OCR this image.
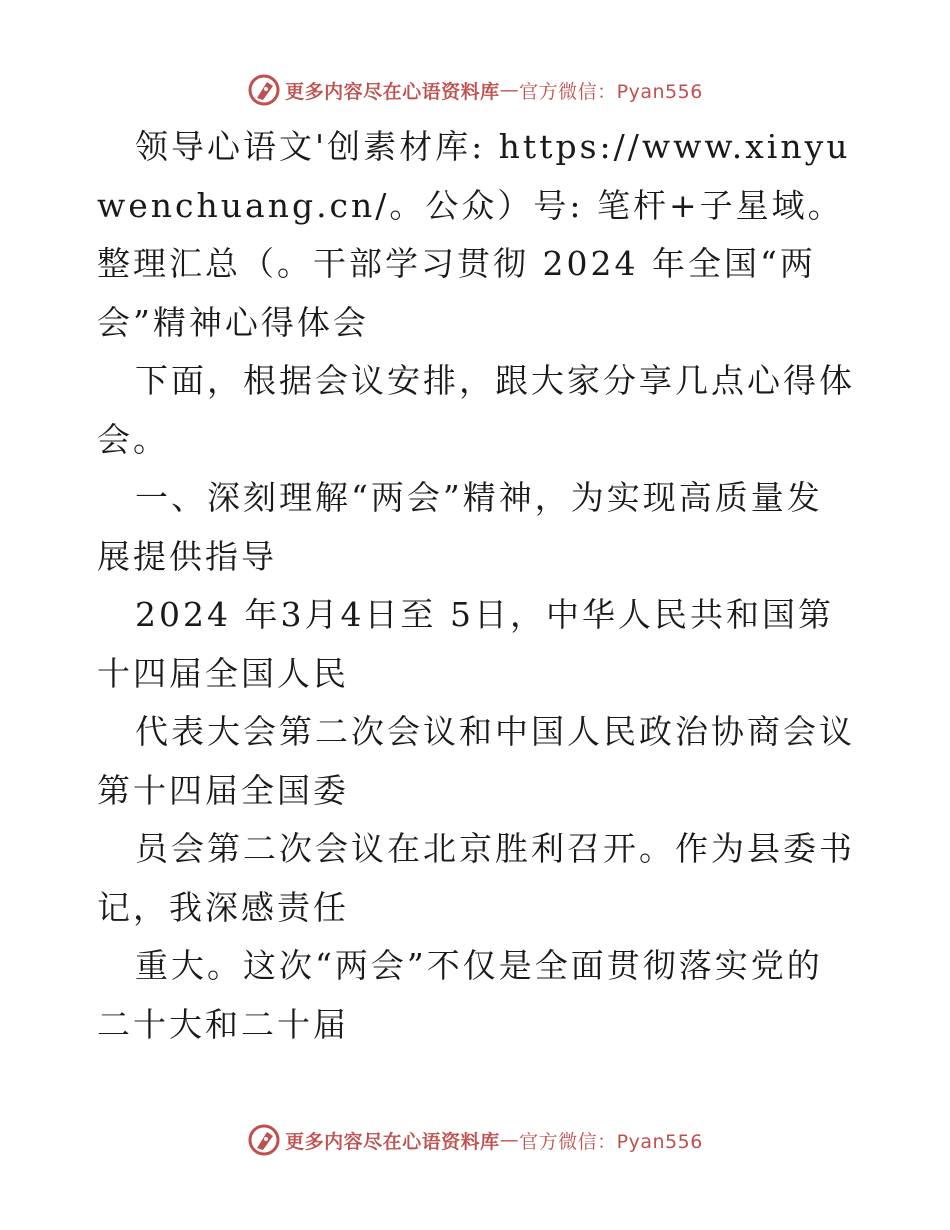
更多内容尽在心语资料库 — 官方微信：Pyan556

领导心语文'创素材库: https://www.xinyuwenchuang.cn/。公众）号: 笔杆+子星域。整理汇总（。干部学习贯彻 2024 年全国“两会”精神心得体会

下面，根据会议安排，跟大家分享几点心得体会。

一、深刻理解“两会”精神，为实现高质量发展提供指导

2024 年3月4日至 5日，中华人民共和国第十四届全国人民

代表大会第二次会议和中国人民政治协商会议第十四届全国委

员会第二次会议在北京胜利召开。作为县委书记，我深感责任

重大。这次“两会”不仅是全面贯彻落实党的二十大和二十届

更多内容尽在心语资料库 — 官方微信：Pyan556
